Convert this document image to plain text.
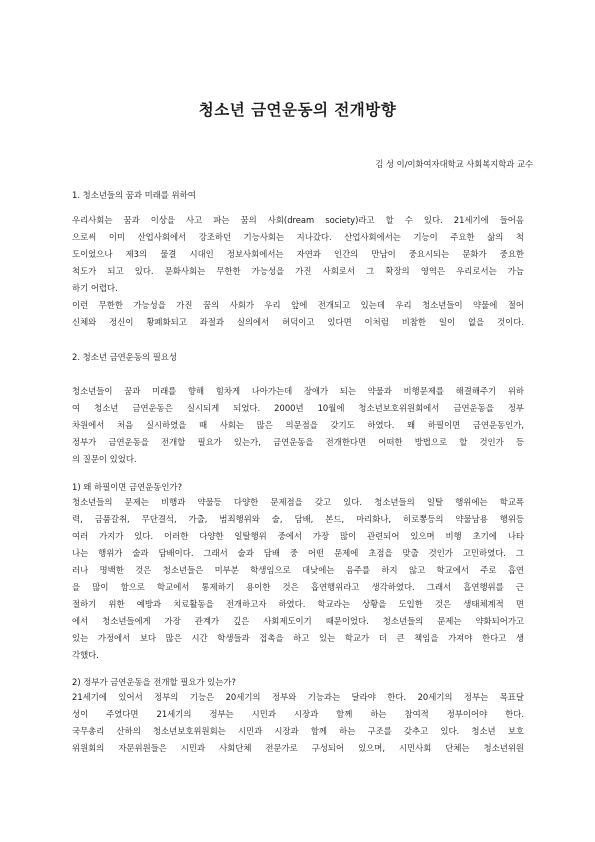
청소년 금연운동의 전개방향
김 성 이/이화여자대학교 사회복지학과 교수
1. 청소년들의 꿈과 미래를 위하여
우리사회는 꿈과 이상을 사고 파는 꿈의 사회(dream society)라고 할 수 있다. 21세기에 들어옴
으로써 이미 산업사회에서 강조하던 기능사회는 지나갔다. 산업사회에서는 기능이 주요한 삶의 척
도이었으나 제3의 물결 시대인 정보사회에서는 자연과 인간의 만남이 중요시되는 문화가 중요한
척도가 되고 있다. 문화사회는 무한한 가능성을 가진 사회로서 그 확장의 영역은 우리로서는 가늠
하기 어렵다.
이런 무한한 가능성을 가진 꿈의 사회가 우리 앞에 전개되고 있는데 우리 청소년들이 약물에 절어
신체와 정신이 황폐화되고 좌절과 실의에서 허덕이고 있다면 이처럼 비참한 일이 없을 것이다.
2. 청소년 금연운동의 필요성
청소년들이 꿈과 미래를 향해 힘차게 나아가는데 장애가 되는 약물과 비행문제를 해결해주기 위하
여 청소년 금연운동은 실시되게 되었다. 2000년 10월에 청소년보호위원회에서 금연운동을 정부
차원에서 처음 실시하였을 때 사회는 많은 의문점을 갖기도 하였다. 왜 하필이면 금연운동인가,
정부가 금연운동을 전개할 필요가 있는가, 금연운동을 전개한다면 어떠한 방법으로 할 것인가 등
의 질문이 있었다.
1) 왜 하필이면 금연운동인가?
청소년들의 문제는 비행과 약물등 다양한 문제점을 갖고 있다. 청소년들의 일탈 행위에는 학교폭
력, 금품갈취, 무단결석, 가출, 범죄행위와 술, 담배, 본드, 마리화나, 히로뽕등의 약물남용 행위등
여러 가지가 있다. 이러한 다양한 일탈행위 중에서 가장 많이 관련되어 있으며 비행 초기에 나타
나는 행위가 술과 담배이다. 그래서 술과 담배 중 어떤 문제에 초점을 맞출 것인가 고민하였다. 그
러나 명백한 것은 청소년들은 미부분 학생임으로 대낮에는 음주를 하지 않고 학교에서 주로 흡연
을 많이 함으로 학교에서 통제하기 용이한 것은 흡연행위라고 생각하였다. 그래서 흡연행위를 근
절하기 위한 예방과 치료활동을 전개하고자 하였다. 학교라는 상황을 도입한 것은 생태체계적 면
에서 청소년들에게 가장 관계가 깊은 사회제도이기 때문이었다. 청소년들의 문제는 약화되어가고
있는 가정에서 보다 많은 시간 학생들과 접촉을 하고 있는 학교가 더 큰 책임을 가져야 한다고 생
각했다.
2) 정부가 금연운동을 전개할 필요가 있는가?
21세기에 있어서 정부의 기능은 20세기의 정부와 기능과는 달라야 한다. 20세기의 정부는 목표달
성이 주였다면 21세기의 정부는 시민과 시장과 함께 하는 참여적 정부이어야 한다.
국무총리 산하의 청소년보호위원회는 시민과 시장과 함께 하는 구조를 갖추고 있다. 청소년 보호
위원회의 자문위원들은 시민과 사회단체 전문가로 구성되어 있으며, 시민사회 단체는 청소년위원
